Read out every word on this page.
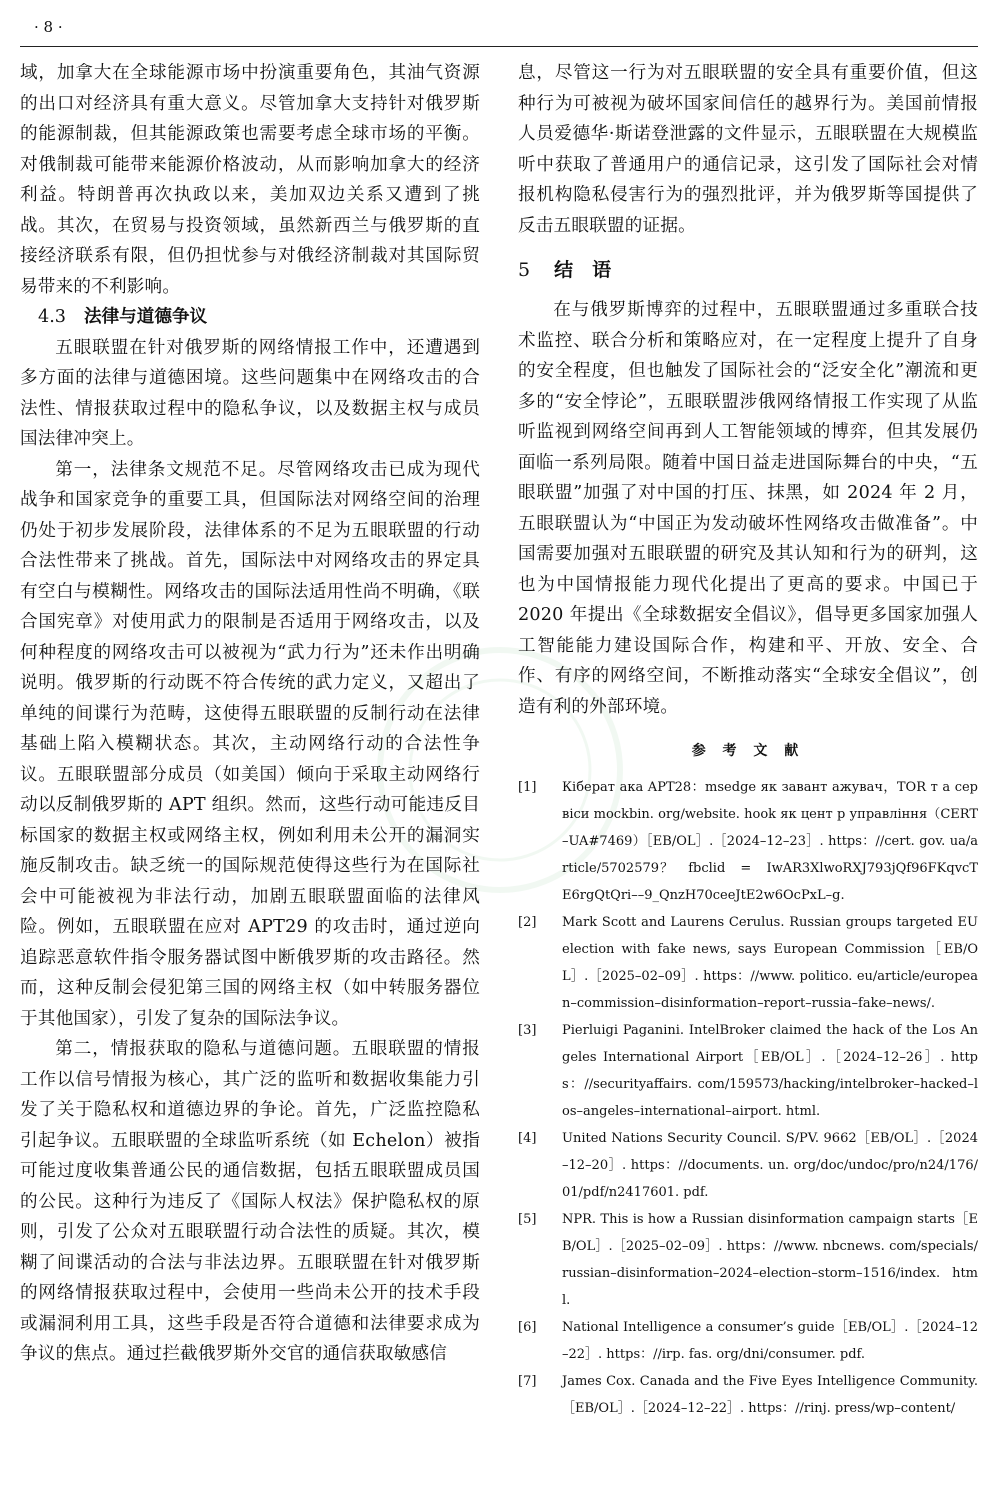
· 8 ·

域，加拿大在全球能源市场中扮演重要角色，其油气资源的出口对经济具有重大意义。尽管加拿大支持针对俄罗斯的能源制裁，但其能源政策也需要考虑全球市场的平衡。对俄制裁可能带来能源价格波动，从而影响加拿大的经济利益。特朗普再次执政以来，美加双边关系又遭到了挑战。其次，在贸易与投资领域，虽然新西兰与俄罗斯的直接经济联系有限，但仍担忧参与对俄经济制裁对其国际贸易带来的不利影响。

4.3 法律与道德争议

五眼联盟在针对俄罗斯的网络情报工作中，还遭遇到多方面的法律与道德困境。这些问题集中在网络攻击的合法性、情报获取过程中的隐私争议，以及数据主权与成员国法律冲突上。

第一，法律条文规范不足。尽管网络攻击已成为现代战争和国家竞争的重要工具，但国际法对网络空间的治理仍处于初步发展阶段，法律体系的不足为五眼联盟的行动合法性带来了挑战。首先，国际法中对网络攻击的界定具有空白与模糊性。网络攻击的国际法适用性尚不明确，《联合国宪章》对使用武力的限制是否适用于网络攻击，以及何种程度的网络攻击可以被视为“武力行为”还未作出明确说明。俄罗斯的行动既不符合传统的武力定义，又超出了单纯的间谍行为范畴，这使得五眼联盟的反制行动在法律基础上陷入模糊状态。其次，主动网络行动的合法性争议。五眼联盟部分成员（如美国）倾向于采取主动网络行动以反制俄罗斯的 APT 组织。然而，这些行动可能违反目标国家的数据主权或网络主权，例如利用未公开的漏洞实施反制攻击。缺乏统一的国际规范使得这些行为在国际社会中可能被视为非法行动，加剧五眼联盟面临的法律风险。例如，五眼联盟在应对 APT29 的攻击时，通过逆向追踪恶意软件指令服务器试图中断俄罗斯的攻击路径。然而，这种反制会侵犯第三国的网络主权（如中转服务器位于其他国家），引发了复杂的国际法争议。

第二，情报获取的隐私与道德问题。五眼联盟的情报工作以信号情报为核心，其广泛的监听和数据收集能力引发了关于隐私权和道德边界的争论。首先，广泛监控隐私引起争议。五眼联盟的全球监听系统（如 Echelon）被指可能过度收集普通公民的通信数据，包括五眼联盟成员国的公民。这种行为违反了《国际人权法》保护隐私权的原则，引发了公众对五眼联盟行动合法性的质疑。其次，模糊了间谍活动的合法与非法边界。五眼联盟在针对俄罗斯的网络情报获取过程中，会使用一些尚未公开的技术手段或漏洞利用工具，这些手段是否符合道德和法律要求成为争议的焦点。通过拦截俄罗斯外交官的通信获取敏感信

息，尽管这一行为对五眼联盟的安全具有重要价值，但这种行为可被视为破坏国家间信任的越界行为。美国前情报人员爱德华·斯诺登泄露的文件显示，五眼联盟在大规模监听中获取了普通用户的通信记录，这引发了国际社会对情报机构隐私侵害行为的强烈批评，并为俄罗斯等国提供了反击五眼联盟的证据。

5 结　语

在与俄罗斯博弈的过程中，五眼联盟通过多重联合技术监控、联合分析和策略应对，在一定程度上提升了自身的安全程度，但也触发了国际社会的“泛安全化”潮流和更多的“安全悖论”，五眼联盟涉俄网络情报工作实现了从监听监视到网络空间再到人工智能领域的博弈，但其发展仍面临一系列局限。随着中国日益走进国际舞台的中央，“五眼联盟”加强了对中国的打压、抹黑，如 2024 年 2 月，五眼联盟认为“中国正为发动破坏性网络攻击做准备”。中国需要加强对五眼联盟的研究及其认知和行为的研判，这也为中国情报能力现代化提出了更高的要求。中国已于 2020 年提出《全球数据安全倡议》，倡导更多国家加强人工智能能力建设国际合作，构建和平、开放、安全、合作、有序的网络空间，不断推动落实“全球安全倡议”，创造有利的外部环境。

参 考 文 献
[1]	Кіберат ака APT28：msedge як завант ажувач，TOR т а сервіси mockbin. org/website. hook як цент р управління（CERT–UA#7469）［EB/OL］.［2024–12–23］. https：//cert. gov. ua/article/5702579？　fbclid　=　IwAR3XlwoRXJ793jQf96FKqvcTE6rgQtQri––9_QnzH70ceeJtE2w6OcPxL–g.
[2]	Mark Scott and Laurens Cerulus. Russian groups targeted EU election with fake news, says European Commission［EB/OL］.［2025–02–09］. https：//www. politico. eu/article/european–commission–disinformation–report–russia–fake–news/.
[3]	Pierluigi Paganini. IntelBroker claimed the hack of the Los Angeles International Airport［EB/OL］.［2024–12–26］. https：//securityaffairs. com/159573/hacking/intelbroker–hacked–los–angeles–international–airport. html.
[4]	United Nations Security Council. S/PV. 9662［EB/OL］.［2024–12–20］. https：//documents. un. org/doc/undoc/pro/n24/176/01/pdf/n2417601. pdf.
[5]	NPR. This is how a Russian disinformation campaign starts［EB/OL］.［2025–02–09］. https：//www. nbcnews. com/specials/russian–disinformation–2024–election–storm–1516/index. html.
[6]	National Intelligence a consumer’s guide［EB/OL］.［2024–12–22］. https：//irp. fas. org/dni/consumer. pdf.
[7]	James Cox. Canada and the Five Eyes Intelligence Community.［EB/OL］.［2024–12–22］. https：//rinj. press/wp–content/
